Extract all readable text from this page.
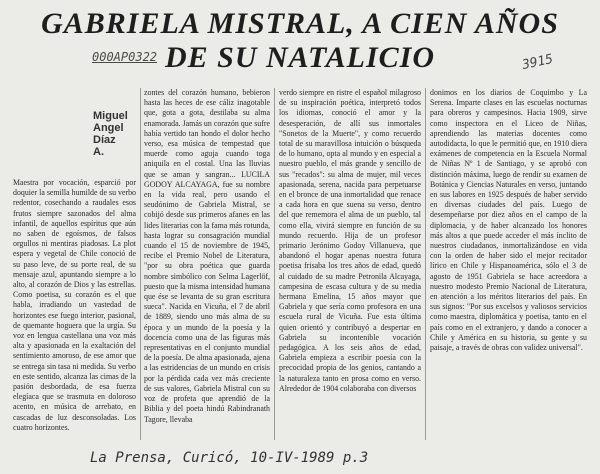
GABRIELA MISTRAL, A CIEN AÑOS
DE SU NATALICIO
000AP0322	3915
Miguel
Angel
Díaz
A.

Maestra por vocación, esparció por doquier la semilla humilde de su verbo redentor, cosechando a raudales esos frutos siempre sazonados del alma infantil, de aquellos espíritus que aún no saben de egoísmos, de falsos orgullos ni mentiras piadosas. La plot espera y vegetal de Chile conoció de su paso leve, de su porte real, de su mensaje azul, apuntando siempre a lo alto, al corazón de Dios y las estrellas. Como poetisa, su corazón es el que habla, irradiando un vastedad de horizontes ese fuego interior, pasional, de quemante hoguera que la urgía. Su voz en lengua castellana una voz más alta y apasionada en la exaltación del sentimiento amoroso, de ese amor que se entrega sin tasa ni medida. Su verbo en este sentido, alcanza las cimas de la pasión desbordada, de esa fuerza elegíaca que se trasmuta en doloroso acento, en música de arrebato, en cascadas de luz desconsoladas. Los cuatro horizontes.

zontes del corazón humano, bebieron hasta las heces de ese cáliz inagotable que, gota a gota, destilaba su alma enamorada. Jamás un corazón que sufre había vertido tan hondo el dolor hecho verso, esa música de tempestad que muerde como aguja cuando toga aniquila en el costal. Una las lluvias que se aman y sangran... LUCILA GODOY ALCAYAGA, fue su nombre en la vida real, pero usando el seudónimo de Gabriela Mistral, se cobijó desde sus primeros afanes en las lides literarias con la fama más rotunda, hasta lograr su consagración mundial cuando el 15 de noviembre de 1945, recibe el Premio Nobel de Literatura, "por su obra poética que guarda nombre simbólico con Selma Lagerlöf, puesto que la misma intensidad humana que ése se levanta de su gran escritura sueca". Nacida en Vicuña, el 7 de abril de 1889, siendo uno más alma de su época y un mundo de la poesía y la docencia como una de las figuras más representativas en el conjunto mundial de la poesía. De alma apasionada, ajena a las estridencias de un mundo en crisis por la pérdida cada vez más creciente de sus valores, Gabriela Mistral con su voz de profeta que aprendió de la Biblia y del poeta hindú Rabindranath Tagore, llevaba

verdo siempre en ristre el español milagroso de su inspiración poética, interpretó todos los idiomas, conoció el amor y la desesperación, de allí sus inmortales "Sonetos de la Muerte", y como recuerdo total de su maravillosa intuición o búsqueda de lo humano, opta al mundo y en especial a nuestro pueblo, el más grande y sencillo de sus "recados": su alma de mujer, mil veces apasionada, serena, nacida para perpetuarse en el bronce de una inmortalidad que renace a cada hora en que suena su verso, dentro del que rememora el alma de un pueblo, tal como ella, vivirá siempre en función de su mundo recuerdo. Hija de un profesor primario Jerónimo Godoy Villanueva, que abandonó el hogar apenas nuestra futura poetisa frisaba los tres años de edad, quedó al cuidado de su madre Petronila Alcayaga, campesina de escasa cultura y de su media hermana Emelina, 15 años mayor que Gabriela y que sería como profesora en una escuela rural de Vicuña. Fue esta última quien orientó y contribuyó a despertar en Gabriela su incontenible vocación pedagógica. A los seis años de edad, Gabriela empieza a escribir poesía con la precocidad propia de los genios, cantando a la naturaleza tanto en prosa como en verso. Alrededor de 1904 colaboraba con diversos

donimos en los diarios de Coquimbo y La Serena. Imparte clases en las escuelas nocturnas para obreros y campesinos. Hacia 1909, sirve como inspectora en el Liceo de Niñas, aprendiendo las materias docentes como autodidacta, lo que le permitió que, en 1910 diera exámenes de competencia en la Escuela Normal de Niñas Nº 1 de Santiago, y se aprobó con distinción máxima, luego de rendir su examen de Botánica y Ciencias Naturales en verso, juntando en sus labores en 1925 después de haber servido en diversas ciudades del país. Luego de desempeñarse por diez años en el campo de la diplomacia, y de haber alcanzado los honores más altos a que puede acceder el más ínclito de nuestros ciudadanos, inmortalizándose en vida con la orden de haber sido el mejor recitador lírico en Chile y Hispanoamérica, sólo el 3 de agosto de 1951 Gabriela se hace acreedora a nuestro modesto Premio Nacional de Literatura, en atención a los méritos literarios del país. En sus signos: "Por sus excelsos y valiosos servicios como maestra, diplomática y poetisa, tanto en el país como en el extranjero, y dando a conocer a Chile y América en su historia, su gente y su paisaje, a través de obras con validez universal".

La Prensa, Curicó, 10-IV-1989 p.3
